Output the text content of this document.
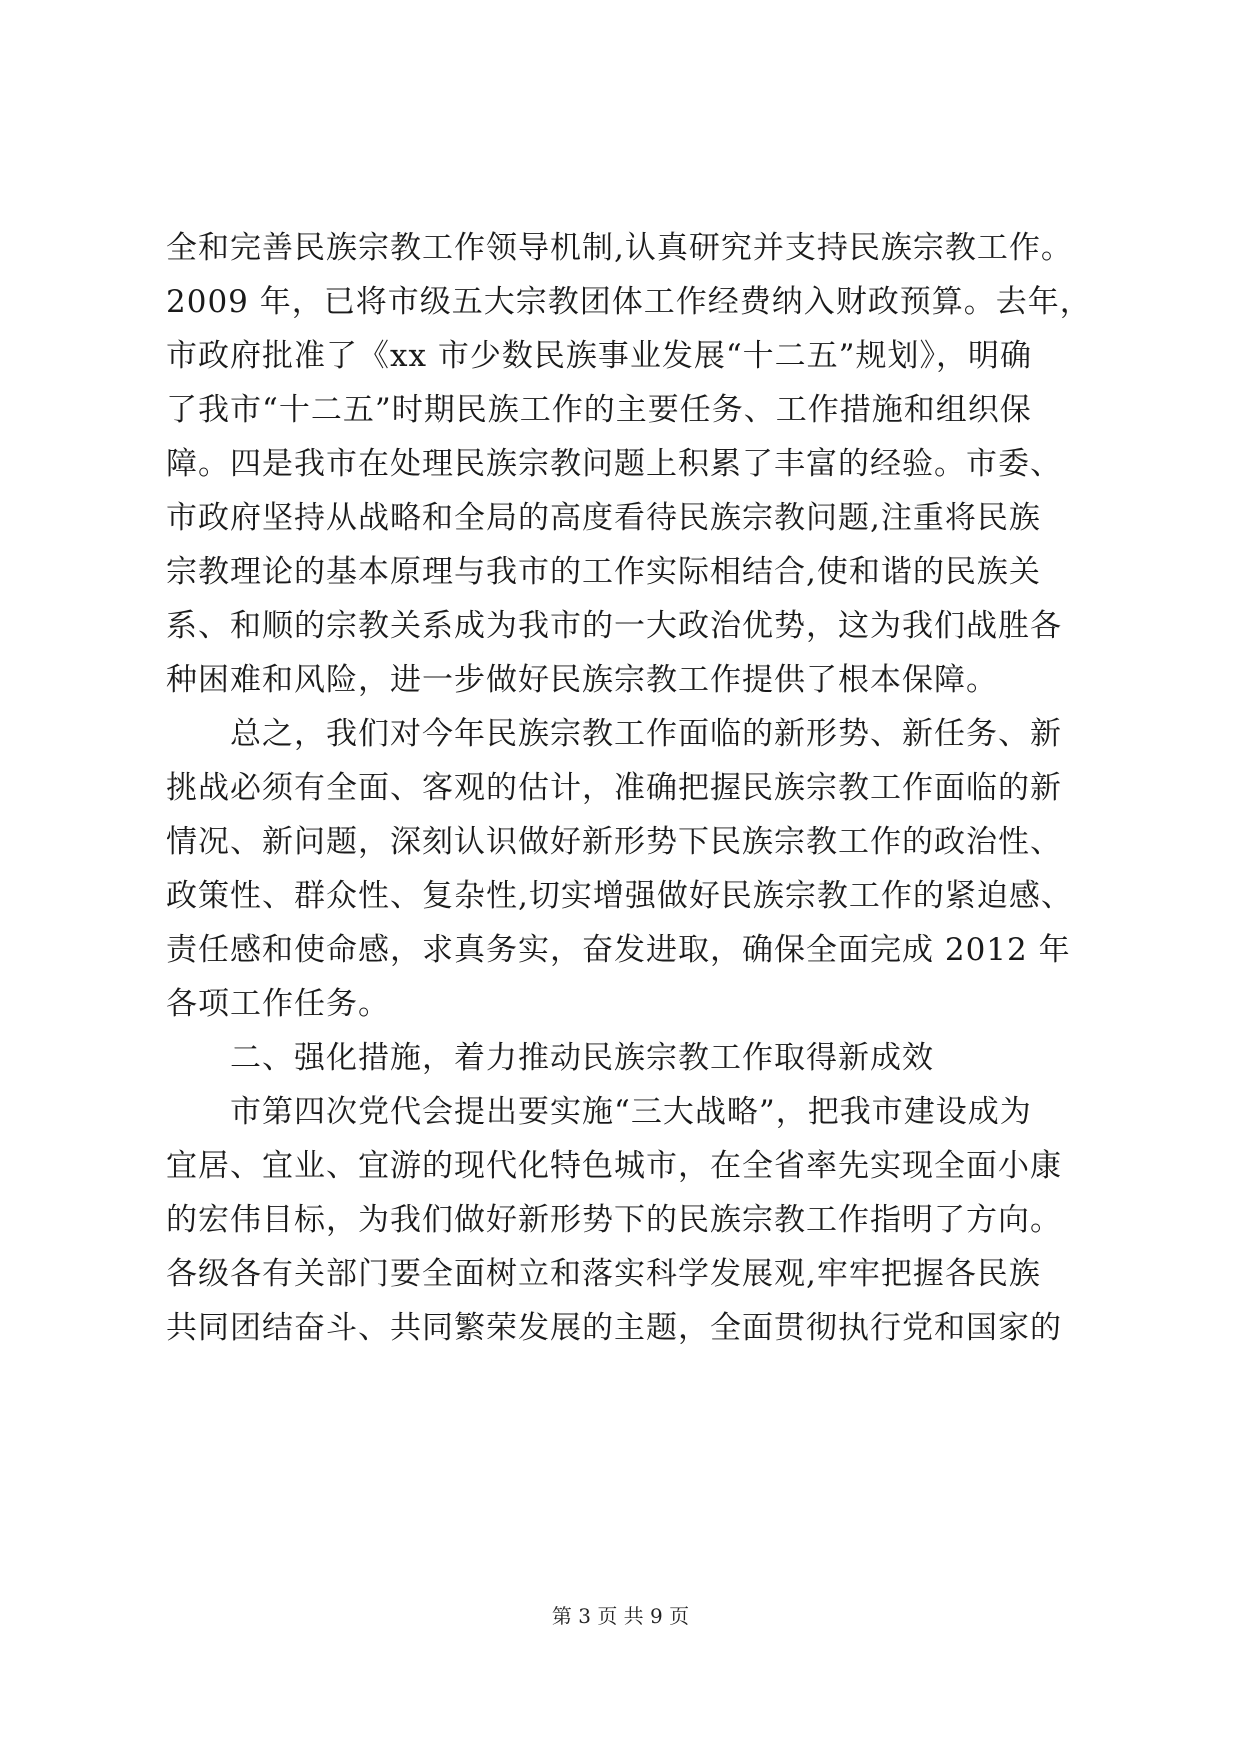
全和完善民族宗教工作领导机制,认真研究并支持民族宗教工作。
2009 年，已将市级五大宗教团体工作经费纳入财政预算。去年，
市政府批准了《xx 市少数民族事业发展“十二五”规划》，明确
了我市“十二五”时期民族工作的主要任务、工作措施和组织保
障。四是我市在处理民族宗教问题上积累了丰富的经验。市委、
市政府坚持从战略和全局的高度看待民族宗教问题,注重将民族
宗教理论的基本原理与我市的工作实际相结合,使和谐的民族关
系、和顺的宗教关系成为我市的一大政治优势，这为我们战胜各
种困难和风险，进一步做好民族宗教工作提供了根本保障。
　　总之，我们对今年民族宗教工作面临的新形势、新任务、新
挑战必须有全面、客观的估计，准确把握民族宗教工作面临的新
情况、新问题，深刻认识做好新形势下民族宗教工作的政治性、
政策性、群众性、复杂性,切实增强做好民族宗教工作的紧迫感、
责任感和使命感，求真务实，奋发进取，确保全面完成 2012 年
各项工作任务。
　　二、强化措施，着力推动民族宗教工作取得新成效
　　市第四次党代会提出要实施“三大战略”，把我市建设成为
宜居、宜业、宜游的现代化特色城市，在全省率先实现全面小康
的宏伟目标，为我们做好新形势下的民族宗教工作指明了方向。
各级各有关部门要全面树立和落实科学发展观,牢牢把握各民族
共同团结奋斗、共同繁荣发展的主题，全面贯彻执行党和国家的
第 3 页 共 9 页
